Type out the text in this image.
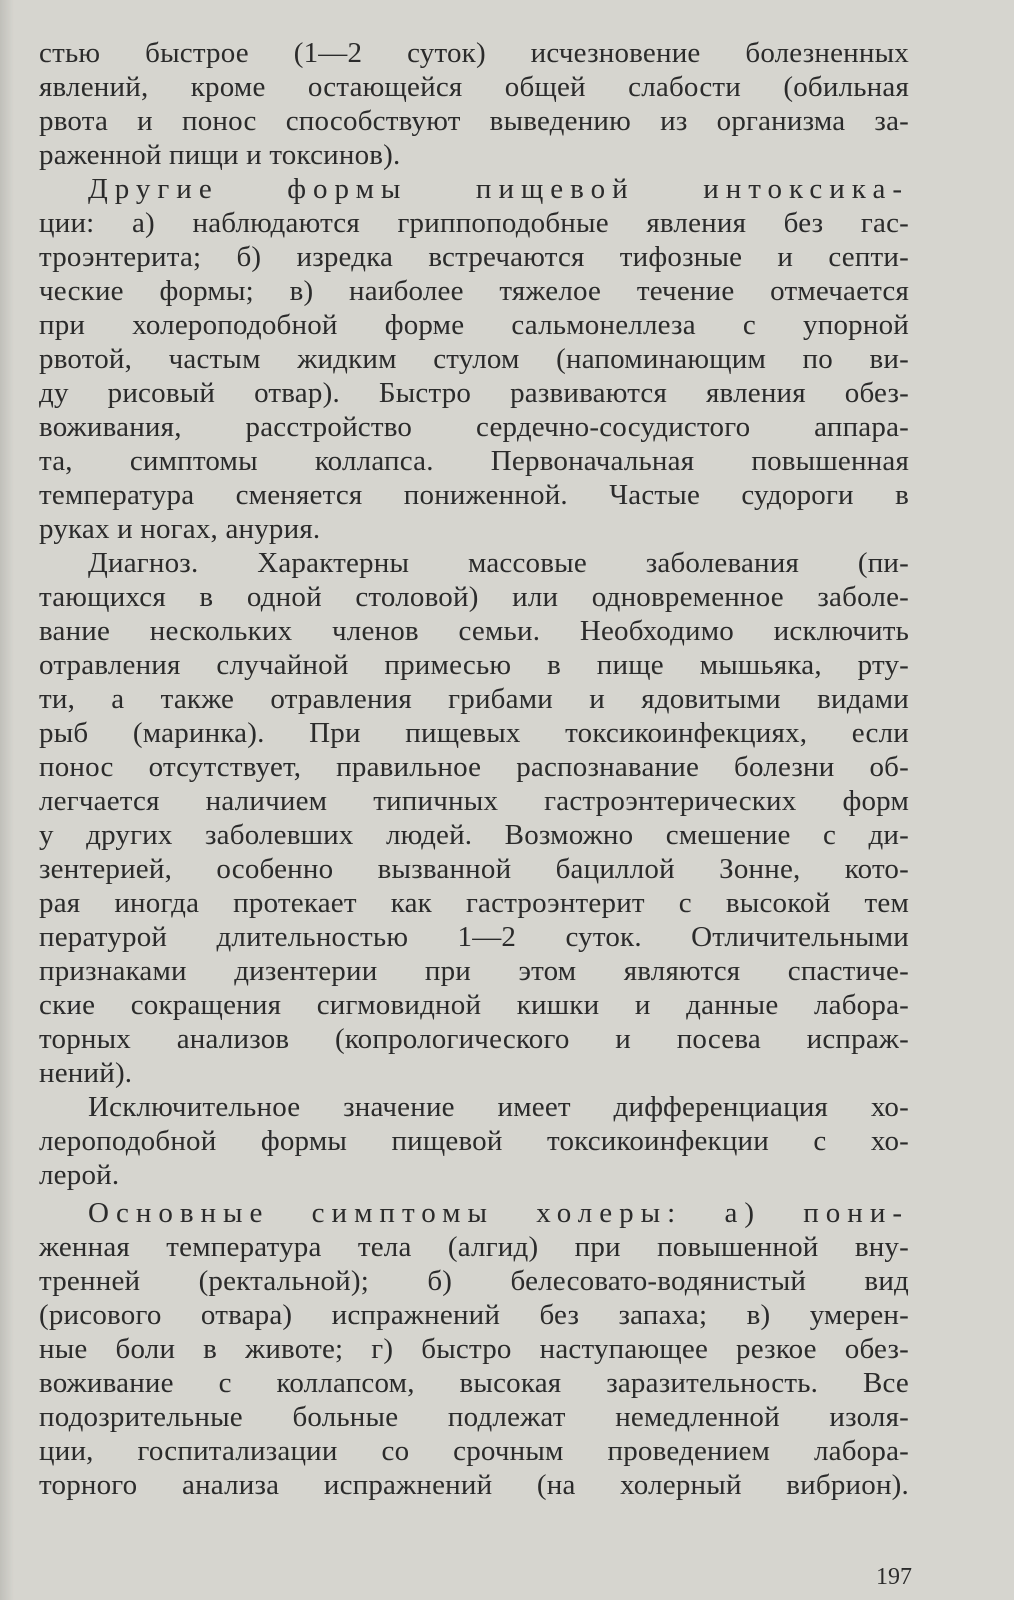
стью быстрое (1—2 суток) исчезновение болезненных
явлений, кроме остающейся общей слабости (обильная
рвота и понос способствуют выведению из организма за-
раженной пищи и токсинов).
Другие формы пищевой интоксика-
ции: а) наблюдаются гриппоподобные явления без гас-
троэнтерита; б) изредка встречаются тифозные и септи-
ческие формы; в) наиболее тяжелое течение отмечается
при холероподобной форме сальмонеллеза с упорной
рвотой, частым жидким стулом (напоминающим по ви-
ду рисовый отвар). Быстро развиваются явления обез-
воживания, расстройство сердечно-сосудистого аппара-
та, симптомы коллапса. Первоначальная повышенная
температура сменяется пониженной. Частые судороги в
руках и ногах, анурия.
Диагноз. Характерны массовые заболевания (пи-
тающихся в одной столовой) или одновременное заболе-
вание нескольких членов семьи. Необходимо исключить
отравления случайной примесью в пище мышьяка, рту-
ти, а также отравления грибами и ядовитыми видами
рыб (маринка). При пищевых токсикоинфекциях, если
понос отсутствует, правильное распознавание болезни об-
легчается наличием типичных гастроэнтерических форм
у других заболевших людей. Возможно смешение с ди-
зентерией, особенно вызванной бациллой Зонне, кото-
рая иногда протекает как гастроэнтерит с высокой тем
пературой длительностью 1—2 суток. Отличительными
признаками дизентерии при этом являются спастиче-
ские сокращения сигмовидной кишки и данные лабора-
торных анализов (копрологического и посева испраж-
нений).
Исключительное значение имеет дифференциация хо-
лероподобной формы пищевой токсикоинфекции с хо-
лерой.
Основные симптомы холеры: а) пони-
женная температура тела (алгид) при повышенной вну-
тренней (ректальной); б) белесовато-водянистый вид
(рисового отвара) испражнений без запаха; в) умерен-
ные боли в животе; г) быстро наступающее резкое обез-
воживание с коллапсом, высокая заразительность. Все
подозрительные больные подлежат немедленной изоля-
ции, госпитализации со срочным проведением лабора-
торного анализа испражнений (на холерный вибрион).
197
